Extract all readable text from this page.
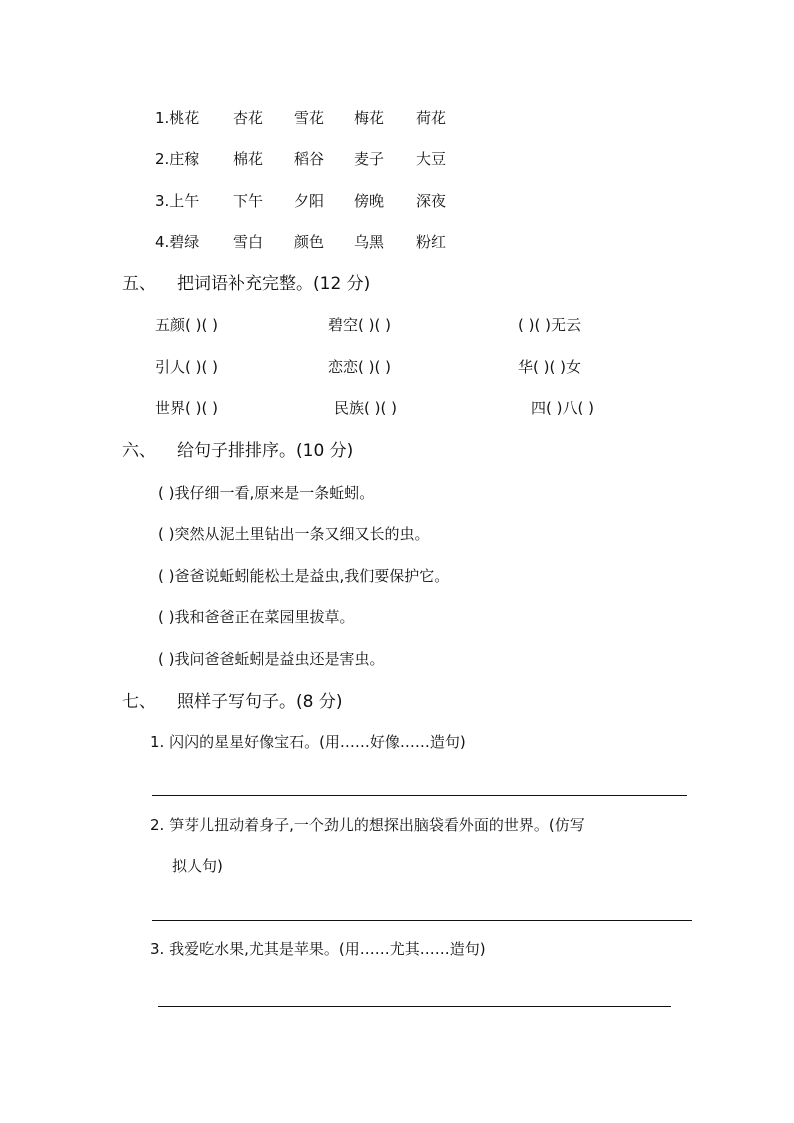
1.桃花 杏花 雪花 梅花 荷花
2.庄稼 棉花 稻谷 麦子 大豆
3.上午 下午 夕阳 傍晚 深夜
4.碧绿 雪白 颜色 乌黑 粉红
五、 把词语补充完整。(12 分)
五颜( )( )	碧空( )( )	( )( )无云
引人( )( )	恋恋( )( )	华( )( )女
世界( )( )	民族( )( )	四( )八( )
六、 给句子排排序。(10 分)
( )我仔细一看,原来是一条蚯蚓。
( )突然从泥土里钻出一条又细又长的虫。
( )爸爸说蚯蚓能松土是益虫,我们要保护它。
( )我和爸爸正在菜园里拔草。
( )我问爸爸蚯蚓是益虫还是害虫。
七、 照样子写句子。(8 分)
1. 闪闪的星星好像宝石。(用……好像……造句)
2. 笋芽儿扭动着身子,一个劲儿的想探出脑袋看外面的世界。(仿写
拟人句)
3. 我爱吃水果,尤其是苹果。(用……尤其……造句)
